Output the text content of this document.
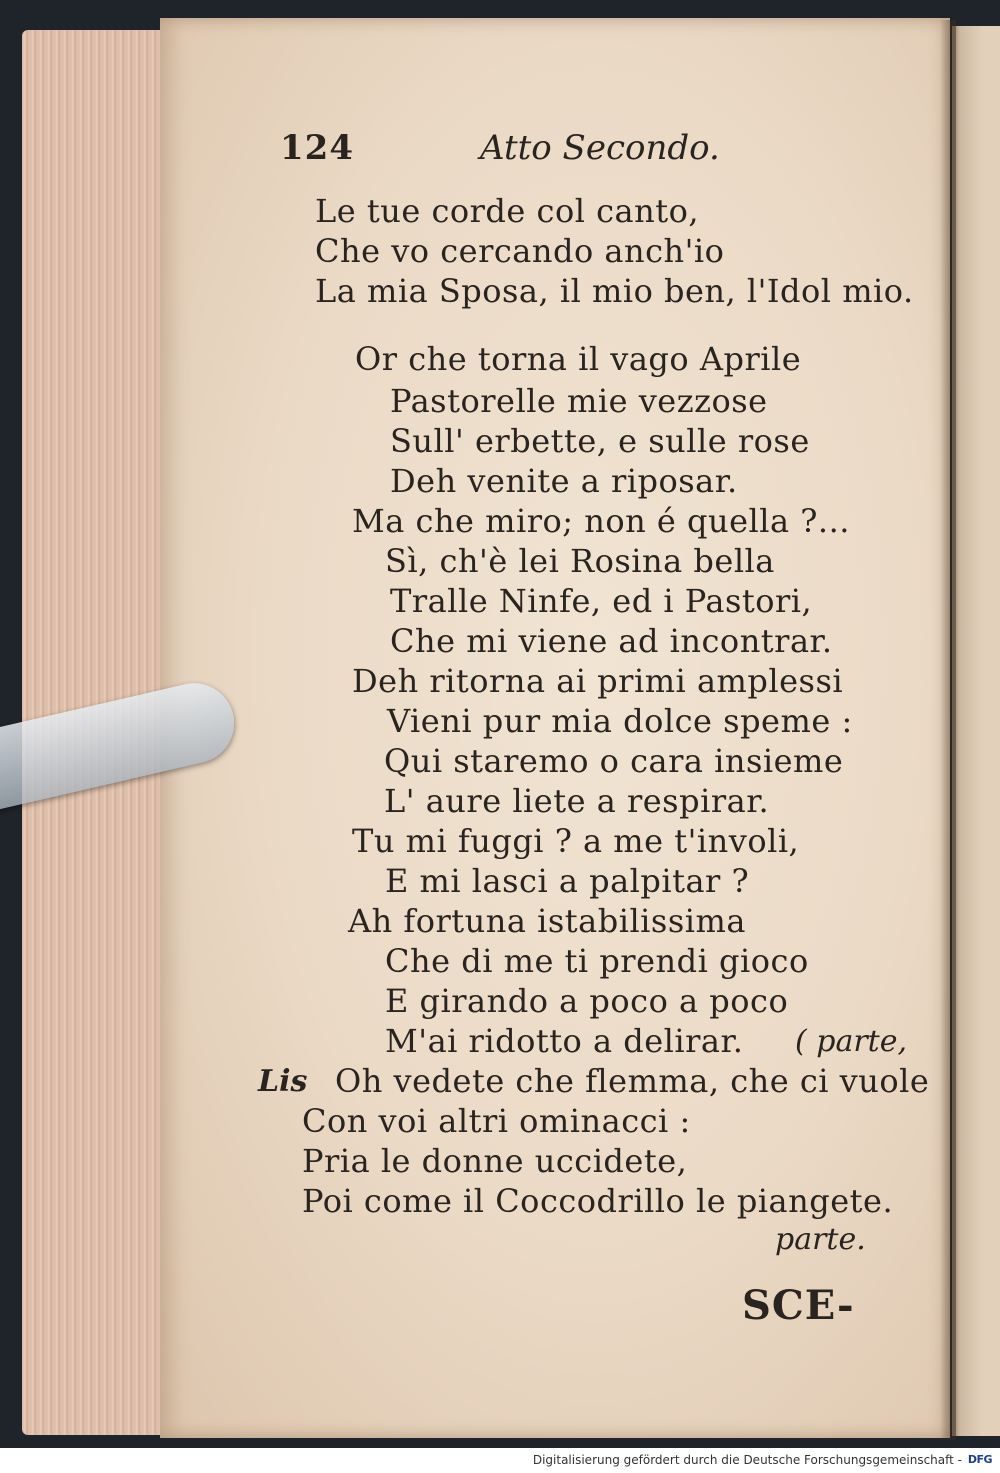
124	Atto Secondo.
Le tue corde col canto,
Che vo cercando anch'io
La mia Sposa, il mio ben, l'Idol mio.
Or che torna il vago Aprile
Pastorelle mie vezzose
Sull' erbette, e sulle rose
Deh venite a riposar.
Ma che miro; non é quella ?...
Sì, ch'è lei Rosina bella
Tralle Ninfe, ed i Pastori,
Che mi viene ad incontrar.
Deh ritorna ai primi amplessi
Vieni pur mia dolce speme :
Qui staremo o cara insieme
L' aure liete a respirar.
Tu mi fuggi ? a me t'involi,
E mi lasci a palpitar ?
Ah fortuna istabilissima
Che di me ti prendi gioco
E girando a poco a poco
M'ai ridotto a delirar. ( parte,
Lis Oh vedete che flemma, che ci vuole
Con voi altri ominacci :
Pria le donne uccidete,
Poi come il Coccodrillo le piangete.
parte.
SCE-
Digitalisierung gefördert durch die Deutsche Forschungsgemeinschaft - DFG
